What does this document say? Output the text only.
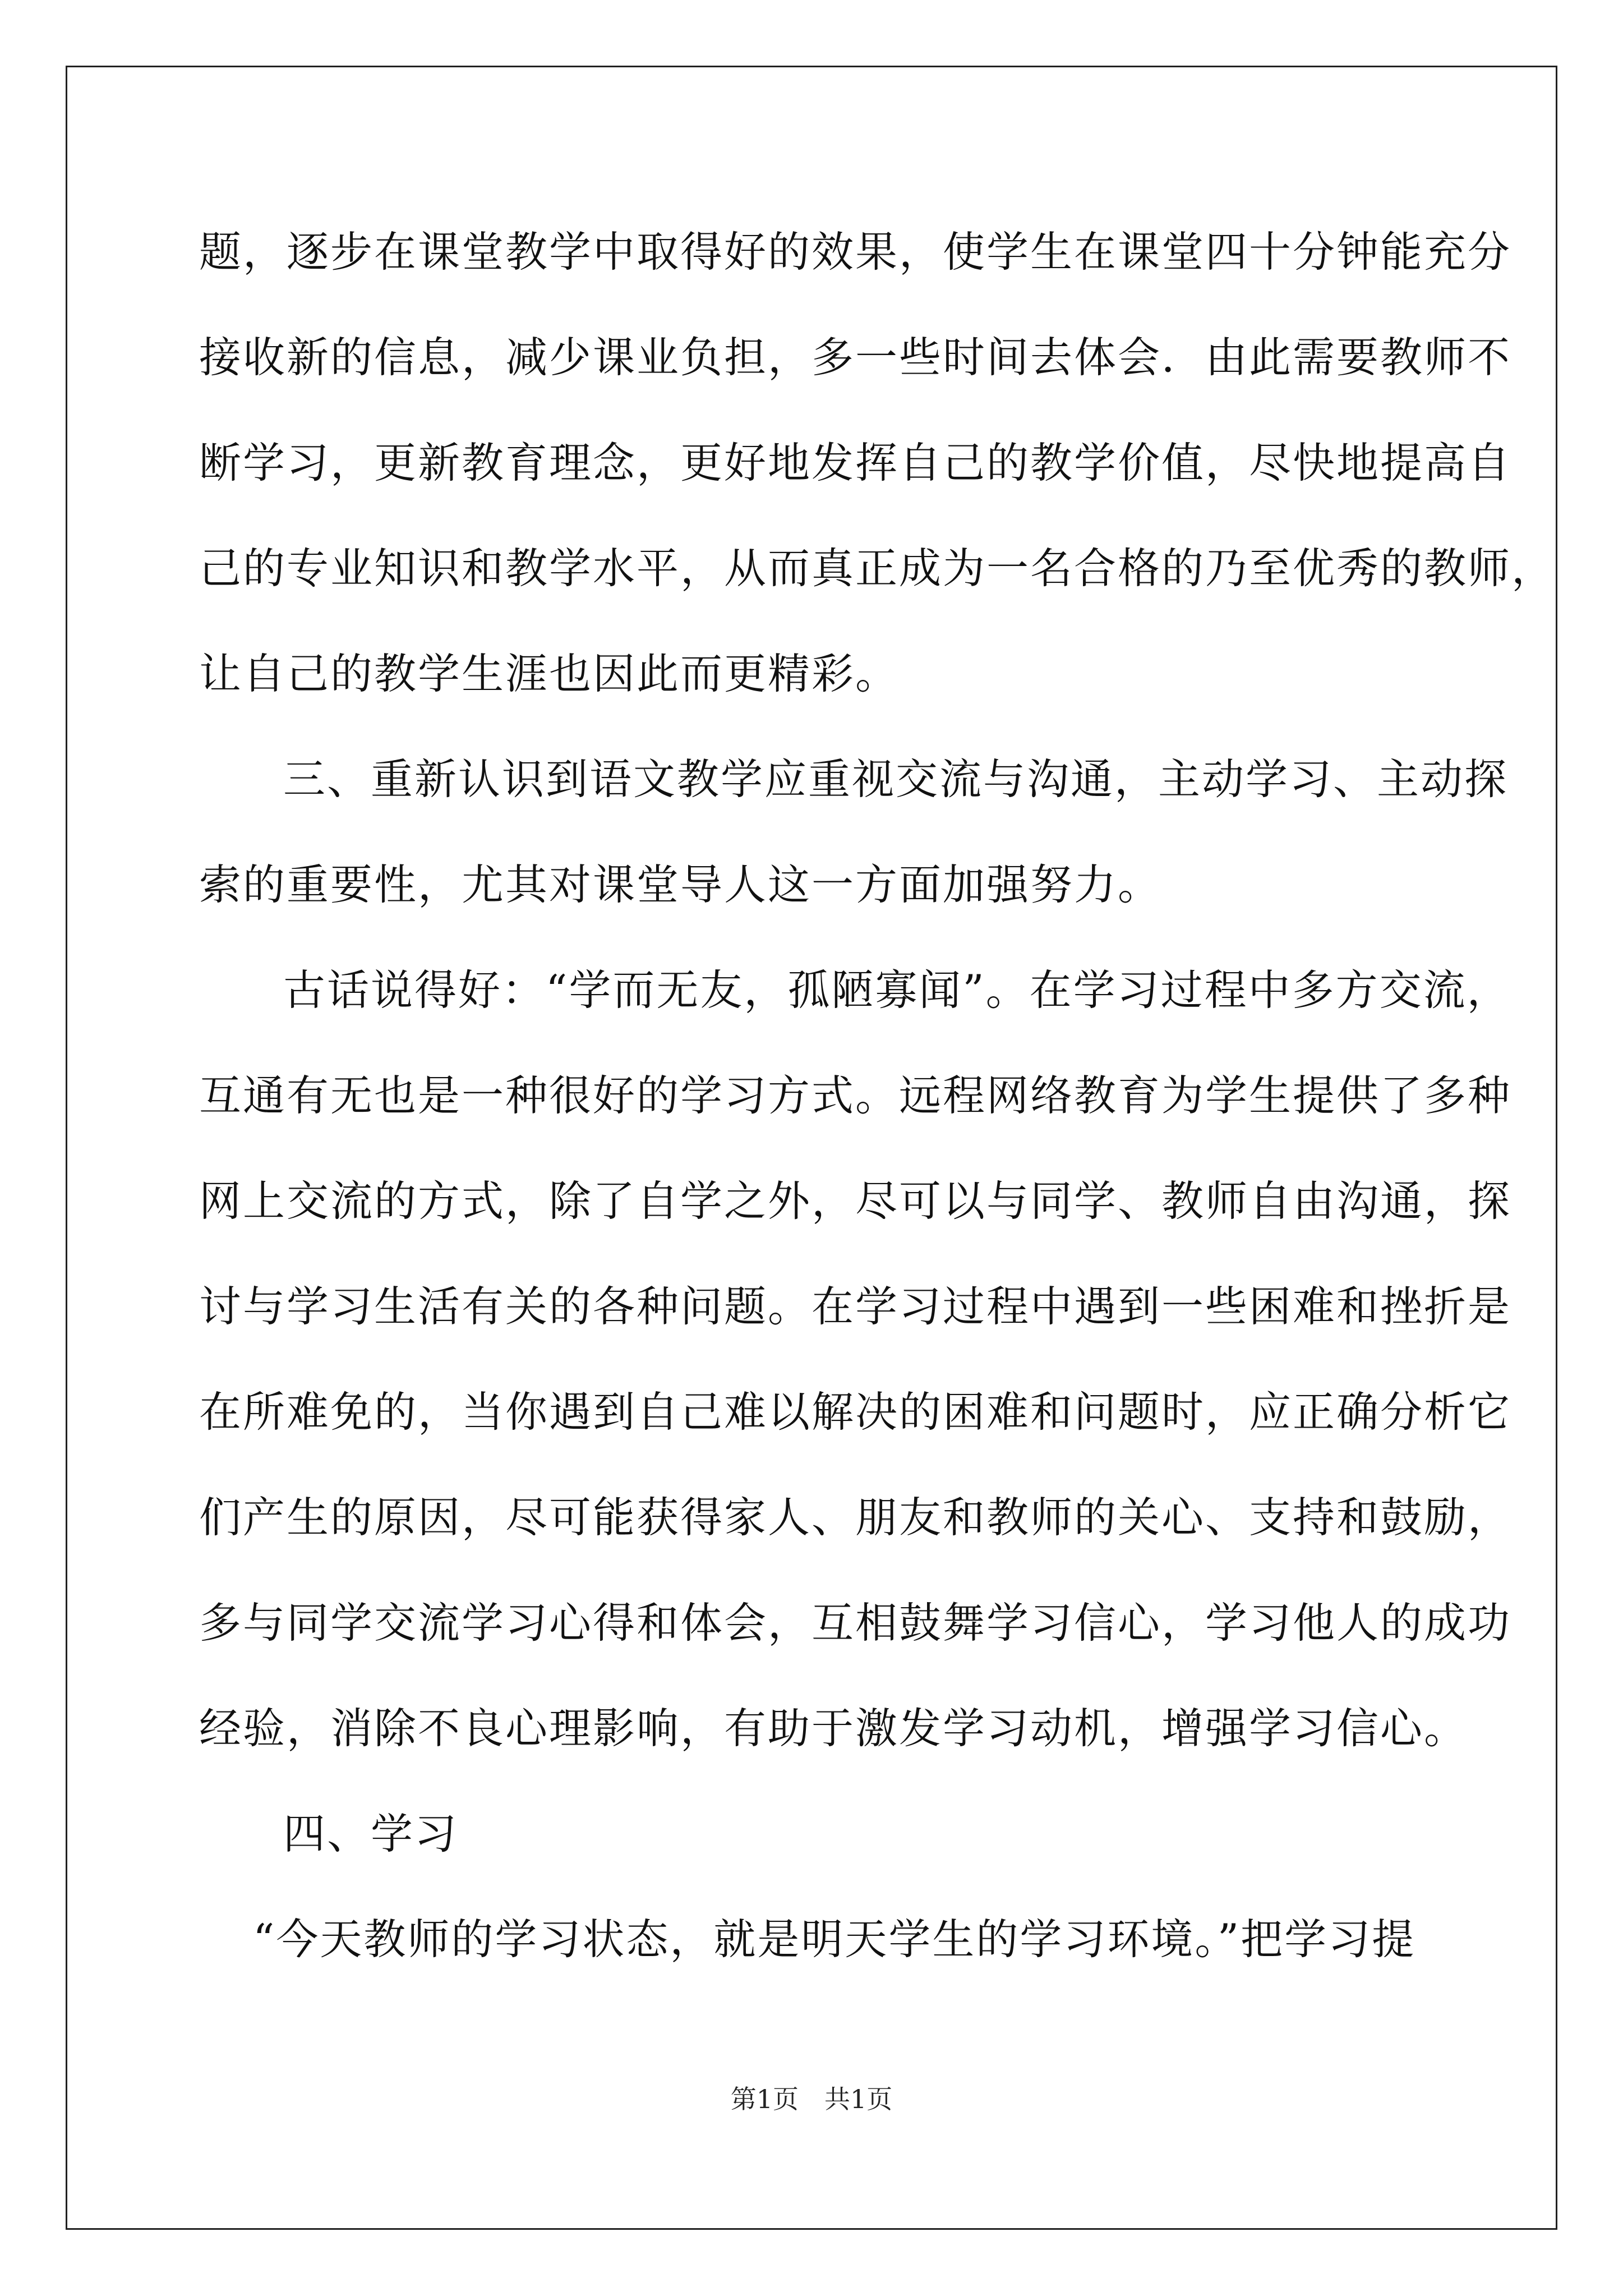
题，逐步在课堂教学中取得好的效果，使学生在课堂四十分钟能充分

接收新的信息，减少课业负担，多一些时间去体会．由此需要教师不

断学习，更新教育理念，更好地发挥自己的教学价值，尽快地提高自

己的专业知识和教学水平，从而真正成为一名合格的乃至优秀的教师，

让自己的教学生涯也因此而更精彩。

三、重新认识到语文教学应重视交流与沟通，主动学习、主动探

索的重要性，尤其对课堂导人这一方面加强努力。

古话说得好：“学而无友，孤陋寡闻”。在学习过程中多方交流，

互通有无也是一种很好的学习方式。远程网络教育为学生提供了多种

网上交流的方式，除了自学之外，尽可以与同学、教师自由沟通，探

讨与学习生活有关的各种问题。在学习过程中遇到一些困难和挫折是

在所难免的，当你遇到自己难以解决的困难和问题时，应正确分析它

们产生的原因，尽可能获得家人、朋友和教师的关心、支持和鼓励，

多与同学交流学习心得和体会，互相鼓舞学习信心，学习他人的成功

经验，消除不良心理影响，有助于激发学习动机，增强学习信心。

四、学习

“今天教师的学习状态，就是明天学生的学习环境。”把学习提

第1页　共1页
